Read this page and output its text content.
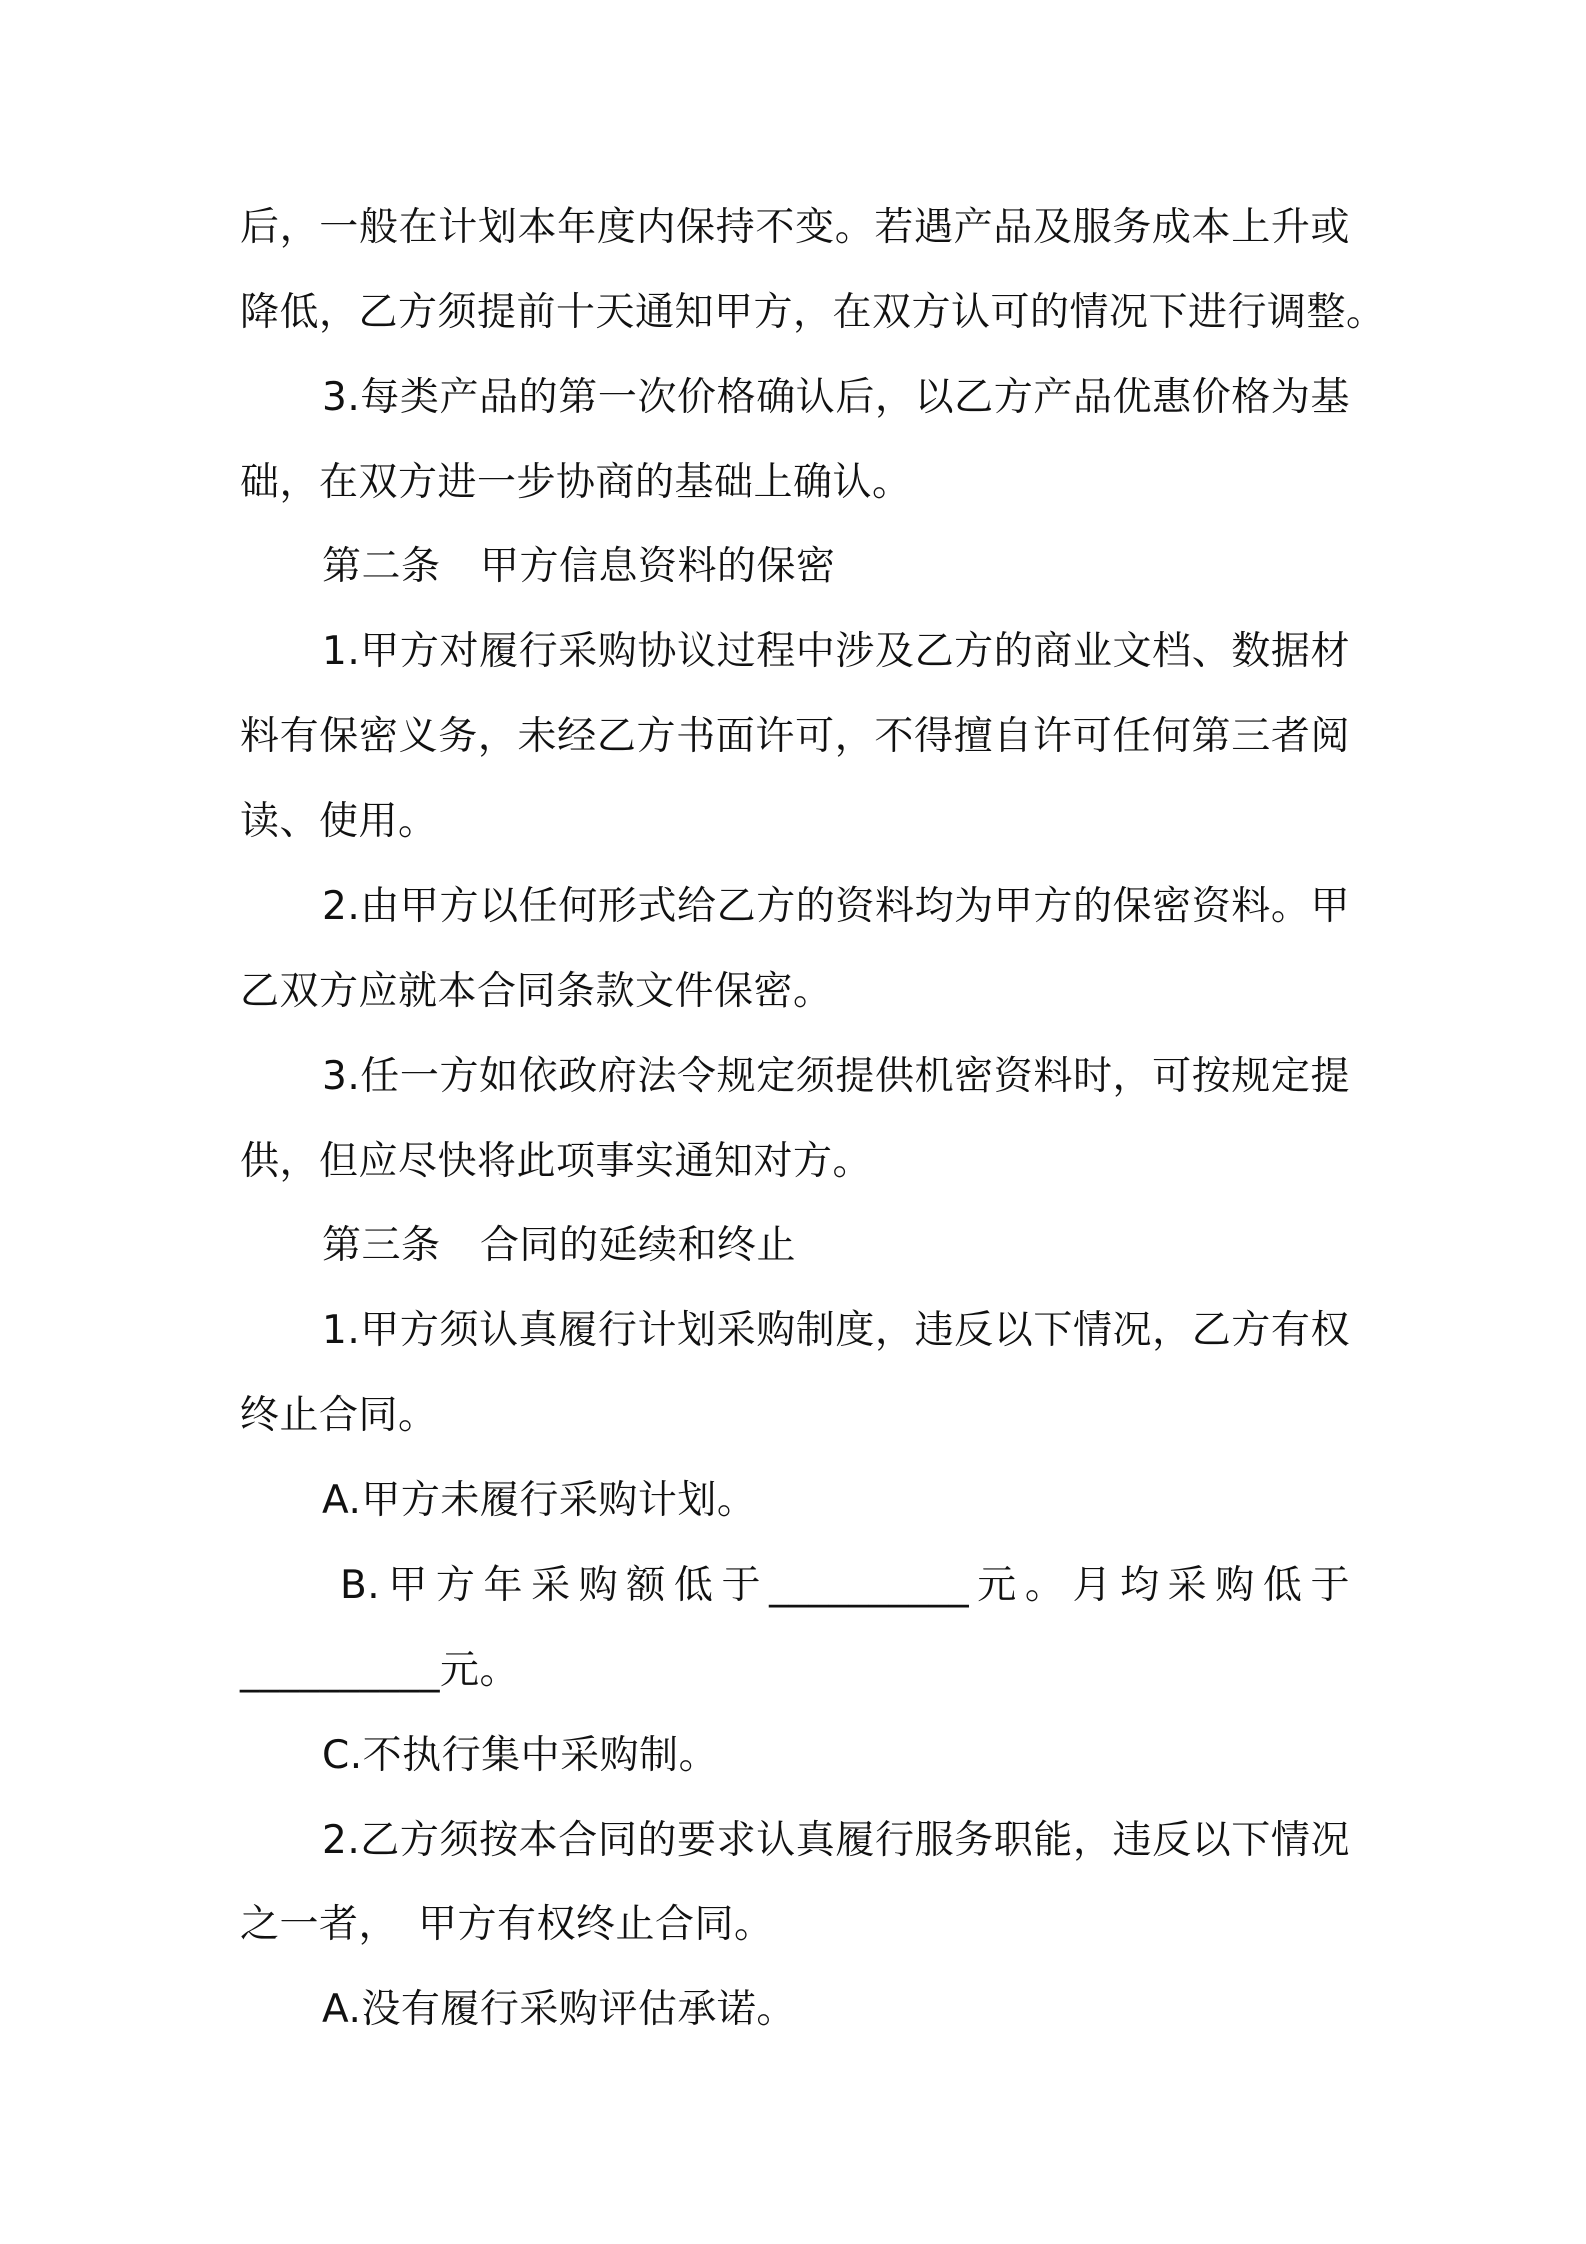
后，一般在计划本年度内保持不变。若遇产品及服务成本上升或
降低，乙方须提前十天通知甲方，在双方认可的情况下进行调整。
3.每类产品的第一次价格确认后，以乙方产品优惠价格为基
础，在双方进一步协商的基础上确认。
第二条　甲方信息资料的保密
1.甲方对履行采购协议过程中涉及乙方的商业文档、数据材
料有保密义务，未经乙方书面许可，不得擅自许可任何第三者阅
读、使用。
2.由甲方以任何形式给乙方的资料均为甲方的保密资料。甲
乙双方应就本合同条款文件保密。
3.任一方如依政府法令规定须提供机密资料时，可按规定提
供，但应尽快将此项事实通知对方。
第三条　合同的延续和终止
1.甲方须认真履行计划采购制度，违反以下情况，乙方有权
终止合同。
A.甲方未履行采购计划。
B.甲方年采购额低于__________元。月均采购低于
__________元。
C.不执行集中采购制。
2.乙方须按本合同的要求认真履行服务职能，违反以下情况
之一者，　甲方有权终止合同。
A.没有履行采购评估承诺。
